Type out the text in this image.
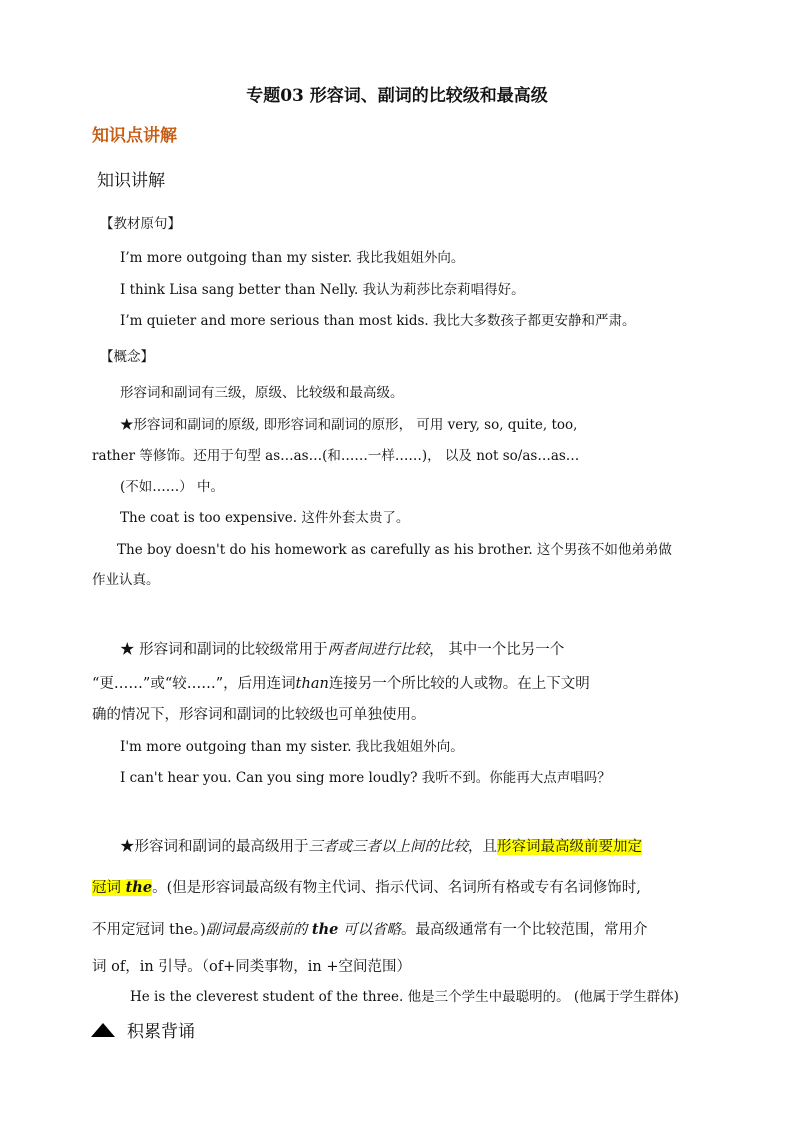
专题03 形容词、副词的比较级和最高级
知识点讲解
知识讲解
【教材原句】
I’m more outgoing than my sister. 我比我姐姐外向。
I think Lisa sang better than Nelly. 我认为莉莎比奈莉唱得好。
I’m quieter and more serious than most kids. 我比大多数孩子都更安静和严肃。
【概念】
形容词和副词有三级，原级、比较级和最高级。
★形容词和副词的原级, 即形容词和副词的原形， 可用 very, so, quite, too,
rather 等修饰。还用于句型 as…as…(和……一样……)， 以及 not so/as…as…
(不如……） 中。
The coat is too expensive. 这件外套太贵了。
The boy doesn't do his homework as carefully as his brother. 这个男孩不如他弟弟做
作业认真。
★ 形容词和副词的比较级常用于两者间进行比较， 其中一个比另一个
“更……”或“较……”，后用连词than连接另一个所比较的人或物。在上下文明
确的情况下，形容词和副词的比较级也可单独使用。
I'm more outgoing than my sister. 我比我姐姐外向。
I can't hear you. Can you sing more loudly? 我听不到。你能再大点声唱吗？
★形容词和副词的最高级用于三者或三者以上间的比较，且形容词最高级前要加定
冠词 the。(但是形容词最高级有物主代词、指示代词、名词所有格或专有名词修饰时,
不用定冠词 the。)副词最高级前的 the 可以省略。最高级通常有一个比较范围，常用介
词 of，in 引导。（of+同类事物，in +空间范围）
He is the cleverest student of the three. 他是三个学生中最聪明的。 (他属于学生群体)
积累背诵
